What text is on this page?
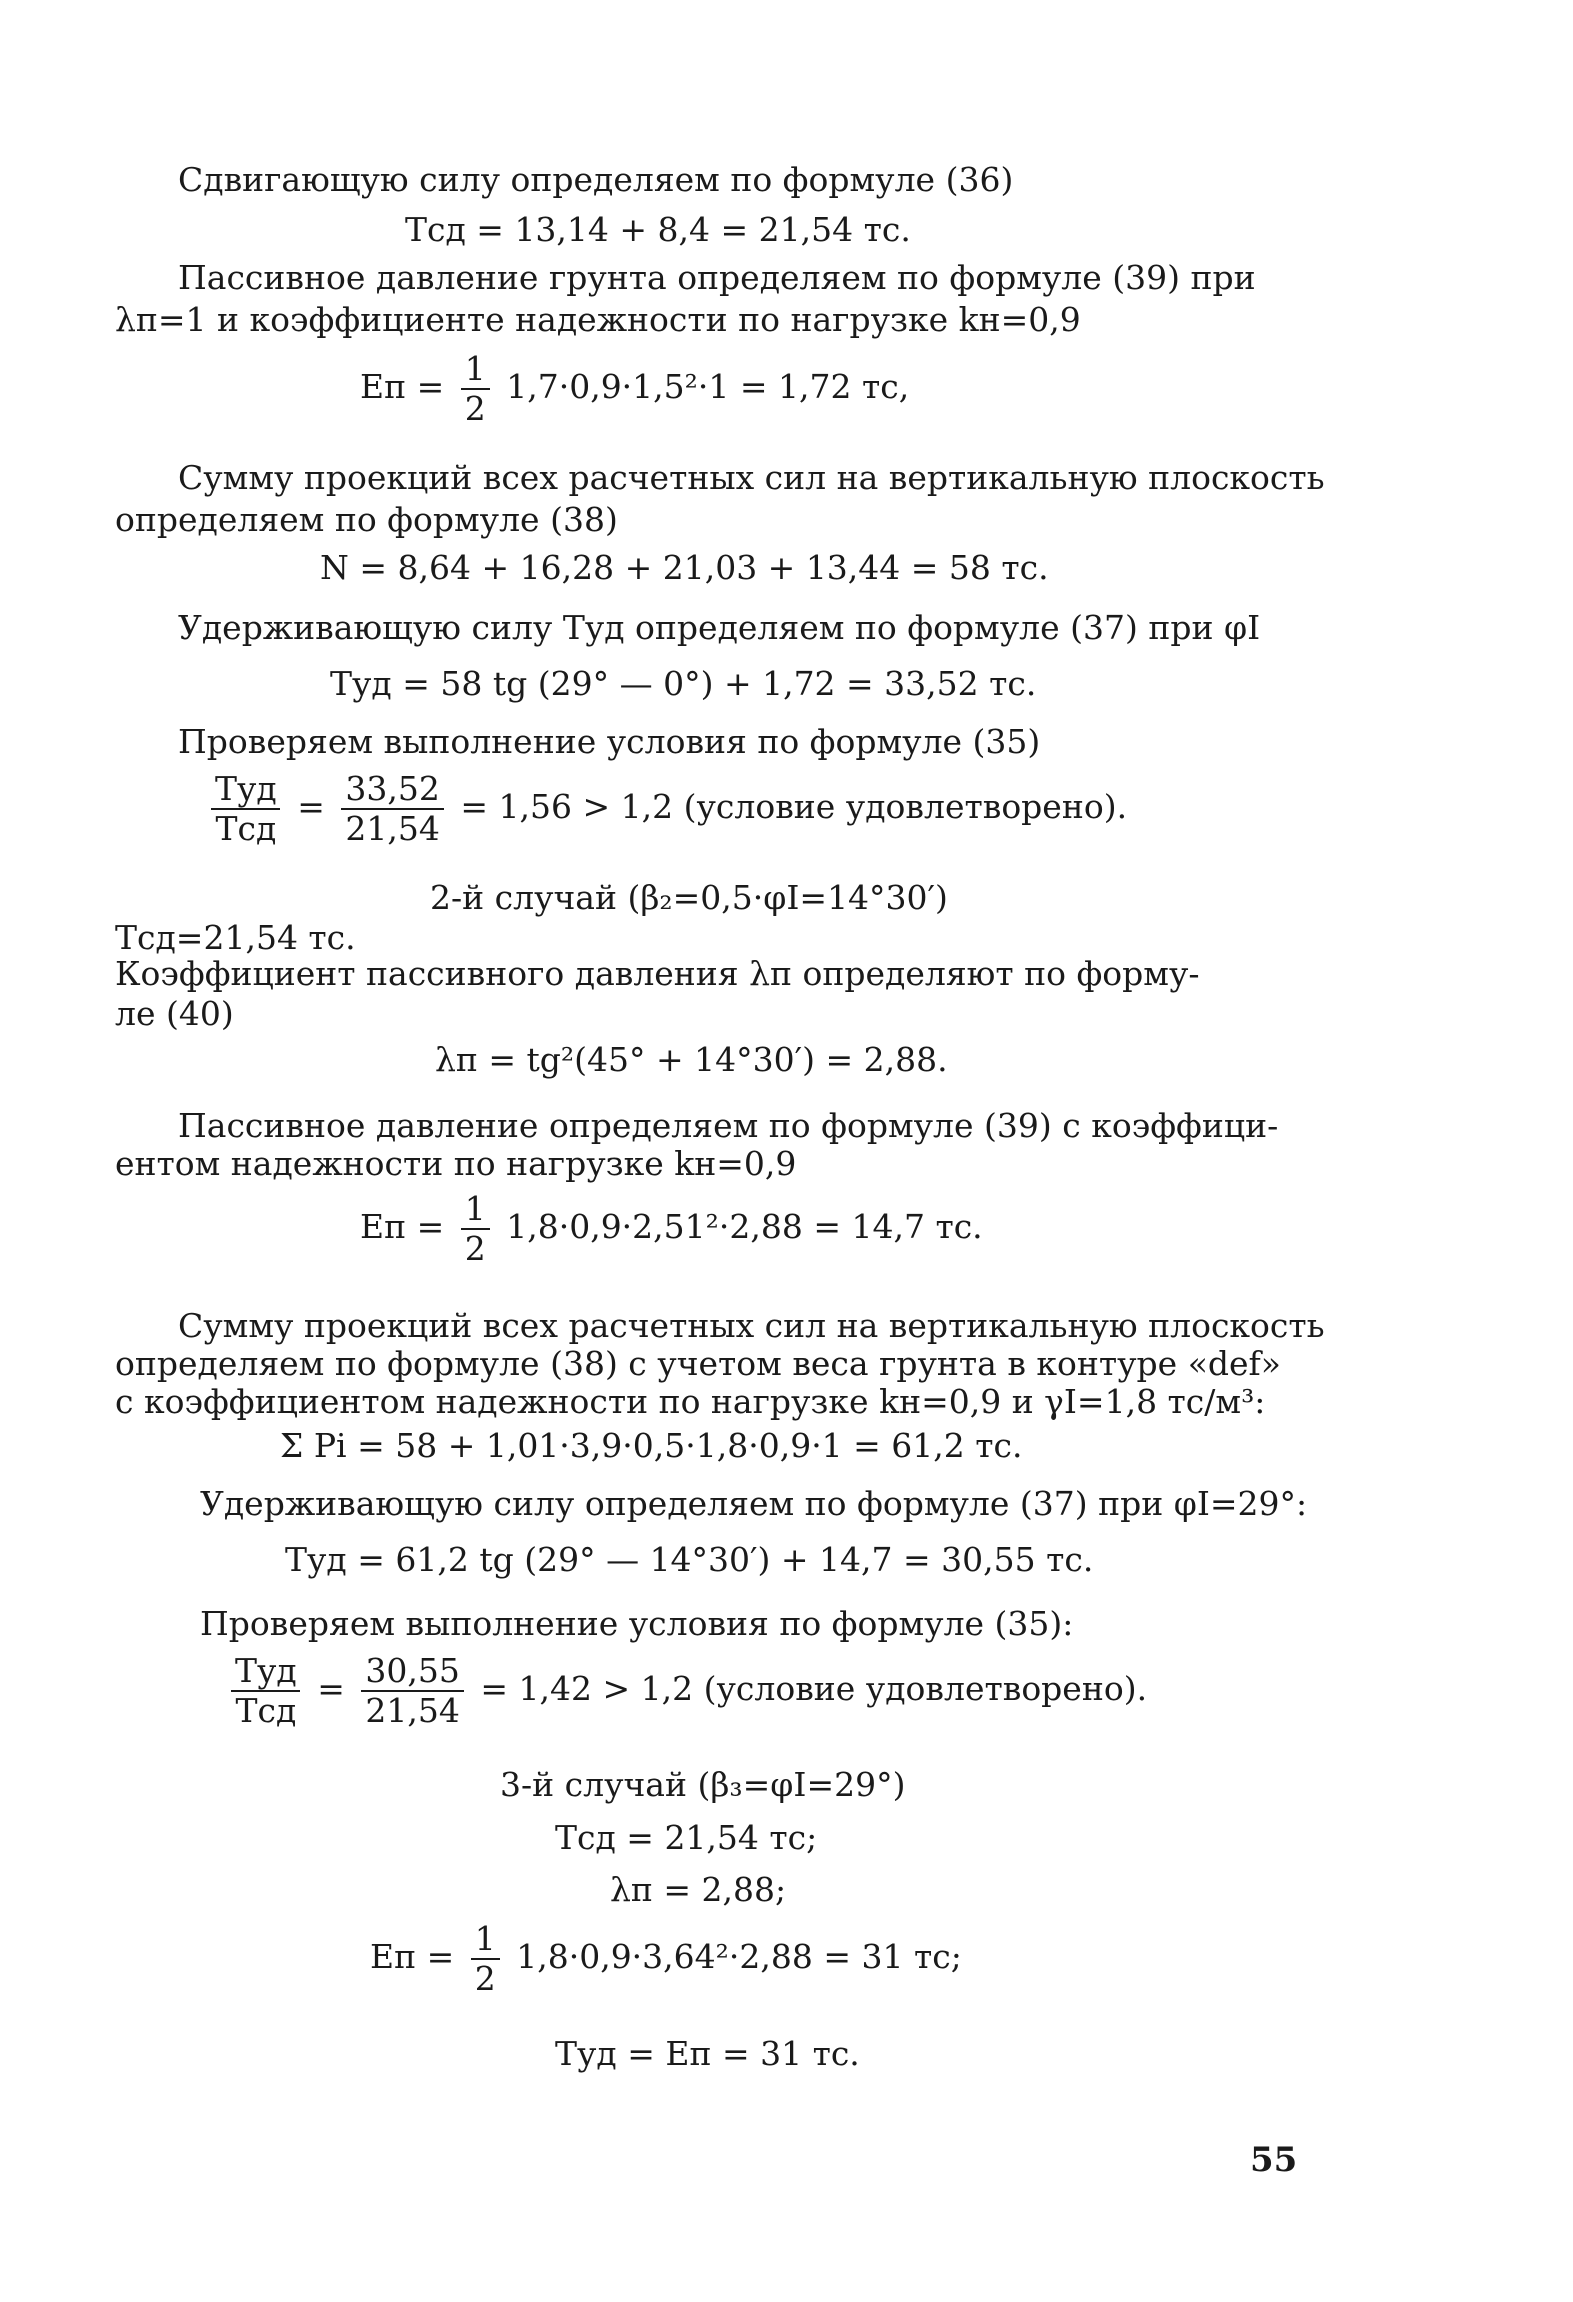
Сдвигающую силу определяем по формуле (36)
Tсд = 13,14 + 8,4 = 21,54 тс.
Пассивное давление грунта определяем по формуле (39) при
λп=1 и коэффициенте надежности по нагрузке kн=0,9
Eп = $\frac{1}{2} 1,7\cdot 0,9\cdot 1,5^2\cdot 1 = 1,72$ тс,
Сумму проекций всех расчетных сил на вертикальную плоскость
определяем по формуле (38)
N = 8,64 + 16,28 + 21,03 + 13,44 = 58 тс.
Удерживающую силу Tуд определяем по формуле (37) при φI
Tуд = 58 tg (29° — 0°) + 1,72 = 33,52 тс.
Проверяем выполнение условия по формуле (35)
$\frac{\text{Tуд}}{\text{Tсд}} = \frac{33,52}{21,54} = 1,56 > 1,2$ (условие удовлетворено).
2-й случай (β₂=0,5·φI=14°30′)
Tсд=21,54 тс.
Коэффициент пассивного давления λп определяют по форму-
ле (40)
λп = tg²(45° + 14°30′) = 2,88.
Пассивное давление определяем по формуле (39) с коэффици-
ентом надежности по нагрузке kн=0,9
Eп = $\frac{1}{2} 1,8\cdot 0,9\cdot 2,51^2\cdot 2,88 = 14,7$ тс.
Сумму проекций всех расчетных сил на вертикальную плоскость
определяем по формуле (38) с учетом веса грунта в контуре «def»
с коэффициентом надежности по нагрузке kн=0,9 и γI=1,8 тс/м³:
Σ Pi = 58 + 1,01·3,9·0,5·1,8·0,9·1 = 61,2 тс.
Удерживающую силу определяем по формуле (37) при φI=29°:
Tуд = 61,2 tg (29° — 14°30′) + 14,7 = 30,55 тс.
Проверяем выполнение условия по формуле (35):
$\frac{\text{Tуд}}{\text{Tсд}} = \frac{30,55}{21,54} = 1,42 > 1,2$ (условие удовлетворено).
3-й случай (β₃=φI=29°)
Tсд = 21,54 тс;
λп = 2,88;
Eп = $\frac{1}{2} 1,8\cdot 0,9\cdot 3,64^2\cdot 2,88 = 31$ тс;
Tуд = Eп = 31 тс.
55
